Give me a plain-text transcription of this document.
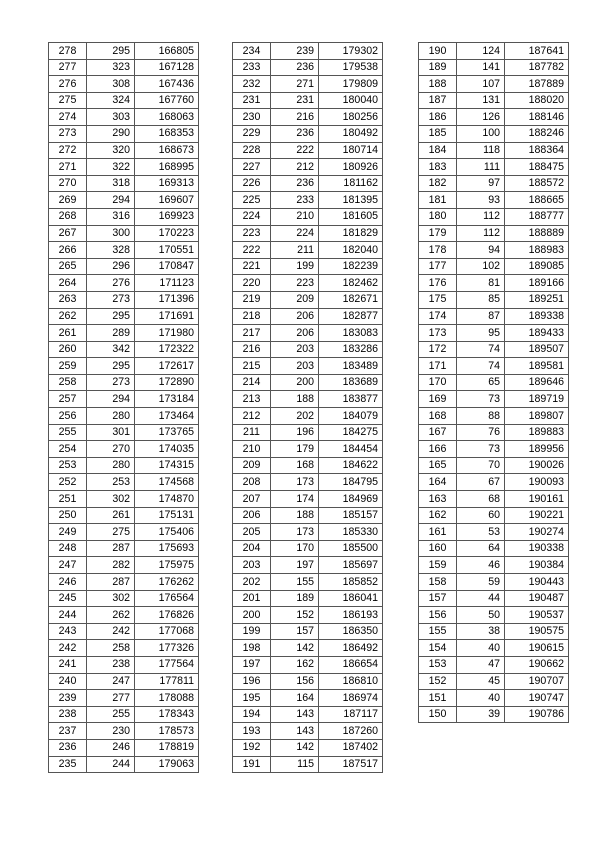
278	295	166805
277	323	167128
276	308	167436
275	324	167760
274	303	168063
273	290	168353
272	320	168673
271	322	168995
270	318	169313
269	294	169607
268	316	169923
267	300	170223
266	328	170551
265	296	170847
264	276	171123
263	273	171396
262	295	171691
261	289	171980
260	342	172322
259	295	172617
258	273	172890
257	294	173184
256	280	173464
255	301	173765
254	270	174035
253	280	174315
252	253	174568
251	302	174870
250	261	175131
249	275	175406
248	287	175693
247	282	175975
246	287	176262
245	302	176564
244	262	176826
243	242	177068
242	258	177326
241	238	177564
240	247	177811
239	277	178088
238	255	178343
237	230	178573
236	246	178819
235	244	179063
234	239	179302
233	236	179538
232	271	179809
231	231	180040
230	216	180256
229	236	180492
228	222	180714
227	212	180926
226	236	181162
225	233	181395
224	210	181605
223	224	181829
222	211	182040
221	199	182239
220	223	182462
219	209	182671
218	206	182877
217	206	183083
216	203	183286
215	203	183489
214	200	183689
213	188	183877
212	202	184079
211	196	184275
210	179	184454
209	168	184622
208	173	184795
207	174	184969
206	188	185157
205	173	185330
204	170	185500
203	197	185697
202	155	185852
201	189	186041
200	152	186193
199	157	186350
198	142	186492
197	162	186654
196	156	186810
195	164	186974
194	143	187117
193	143	187260
192	142	187402
191	115	187517
190	124	187641
189	141	187782
188	107	187889
187	131	188020
186	126	188146
185	100	188246
184	118	188364
183	111	188475
182	97	188572
181	93	188665
180	112	188777
179	112	188889
178	94	188983
177	102	189085
176	81	189166
175	85	189251
174	87	189338
173	95	189433
172	74	189507
171	74	189581
170	65	189646
169	73	189719
168	88	189807
167	76	189883
166	73	189956
165	70	190026
164	67	190093
163	68	190161
162	60	190221
161	53	190274
160	64	190338
159	46	190384
158	59	190443
157	44	190487
156	50	190537
155	38	190575
154	40	190615
153	47	190662
152	45	190707
151	40	190747
150	39	190786
